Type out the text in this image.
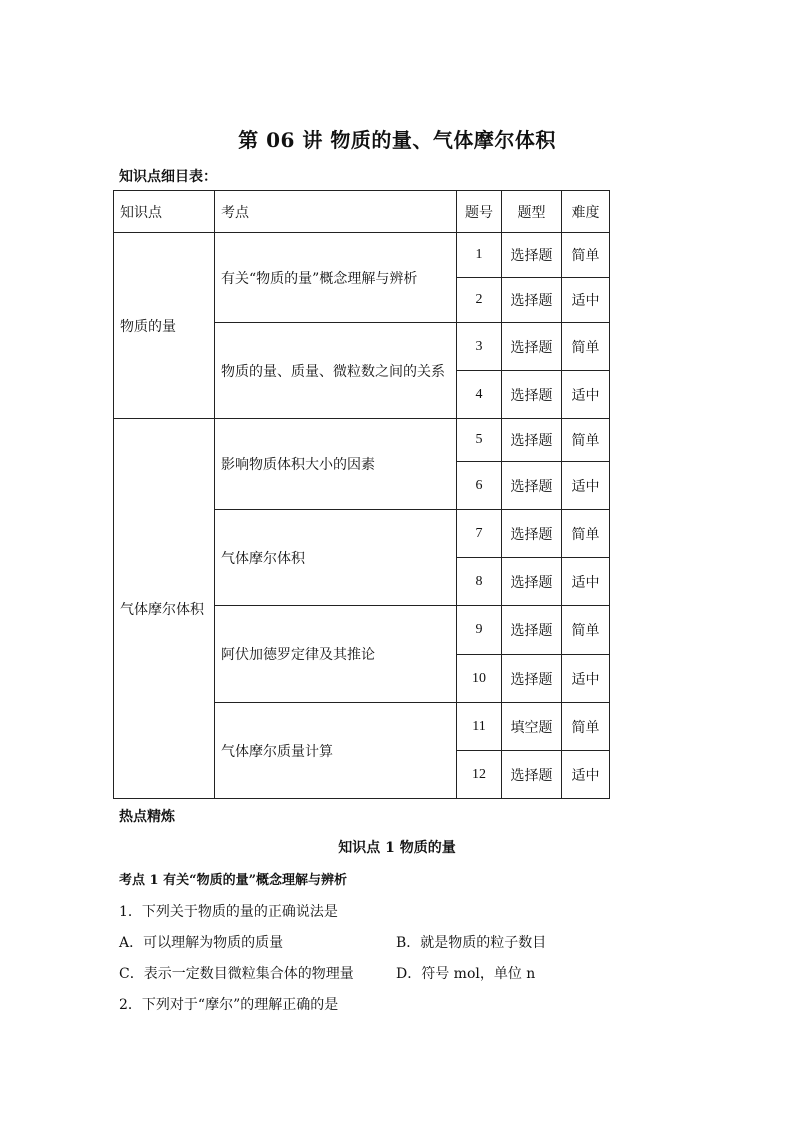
第 06 讲 物质的量、气体摩尔体积
知识点细目表：
知识点	考点	题号	题型	难度
物质的量	有关“物质的量”概念理解与辨析	1	选择题	简单
		2	选择题	适中
	物质的量、质量、微粒数之间的关系	3	选择题	简单
		4	选择题	适中
气体摩尔体积	影响物质体积大小的因素	5	选择题	简单
		6	选择题	适中
	气体摩尔体积	7	选择题	简单
		8	选择题	适中
	阿伏加德罗定律及其推论	9	选择题	简单
		10	选择题	适中
	气体摩尔质量计算	11	填空题	简单
		12	选择题	适中
热点精炼
知识点 1 物质的量
考点 1 有关“物质的量”概念理解与辨析
1．下列关于物质的量的正确说法是
A．可以理解为物质的质量	B．就是物质的粒子数目
C．表示一定数目微粒集合体的物理量	D．符号 mol，单位 n
2．下列对于“摩尔”的理解正确的是
